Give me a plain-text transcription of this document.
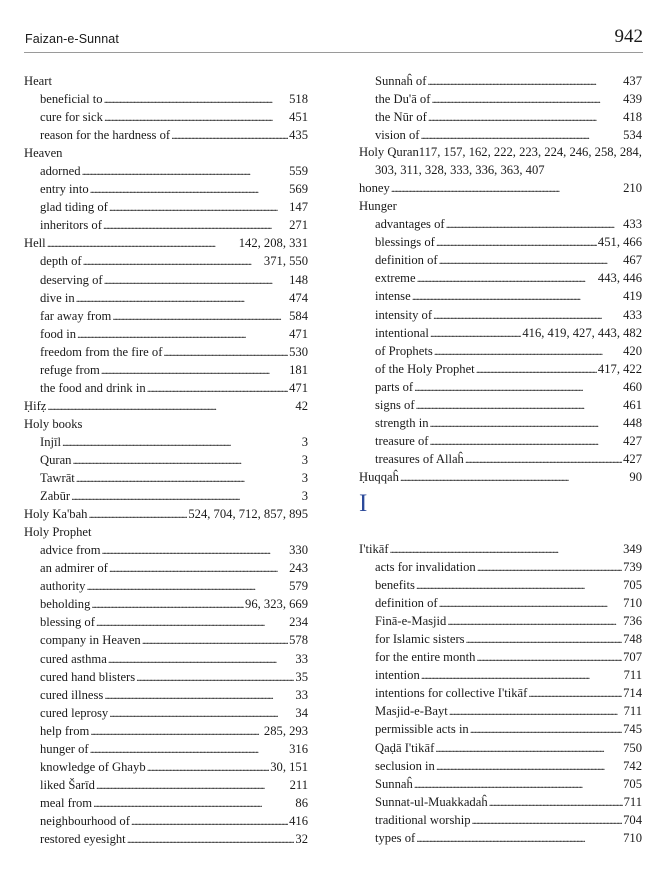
Faizan-e-Sunnat	942
Heart
beneficial to . . .	518
cure for sick . . .	451
reason for the hardness of . . .	435
Heaven
adorned . . .	559
entry into . . .	569
glad tiding of . . .	147
inheritors of . . .	271
Hell . . .	142, 208, 331
depth of . . .	371, 550
deserving of . . .	148
dive in . . .	474
far away from . . .	584
food in . . .	471
freedom from the fire of . . .	530
refuge from . . .	181
the food and drink in . . .	471
Ḥifẓ . . .	42
Holy books
Injīl . . .	3
Quran . . .	3
Tawrāt . . .	3
Zabūr . . .	3
Holy Ka'bah . . .	524, 704, 712, 857, 895
Holy Prophet
advice from . . .	330
an admirer of . . .	243
authority . . .	579
beholding . . .	96, 323, 669
blessing of . . .	234
company in Heaven . . .	578
cured asthma . . .	33
cured hand blisters . . .	35
cured illness . . .	33
cured leprosy . . .	34
help from . . .	285, 293
hunger of . . .	316
knowledge of Ghayb . . .	30, 151
liked Šarīd . . .	211
meal from . . .	86
neighbourhood of . . .	416
restored eyesight . . .	32
Sunnaĥ of . . .	437
the Du'ā of . . .	439
the Nūr of . . .	418
vision of . . .	534
Holy Quran117, 157, 162, 222, 223, 224, 246, 258, 284,
303, 311, 328, 333, 336, 363, 407
honey . . .	210
Hunger
advantages of . . .	433
blessings of . . .	451, 466
definition of . . .	467
extreme . . .	443, 446
intense . . .	419
intensity of . . .	433
intentional . . .	416, 419, 427, 443, 482
of Prophets . . .	420
of the Holy Prophet . . .	417, 422
parts of . . .	460
signs of . . .	461
strength in . . .	448
treasure of . . .	427
treasures of Allaĥ . . .	427
Ḥuqqaĥ . . .	90
I
I'tikāf . . .	349
acts for invalidation . . .	739
benefits . . .	705
definition of . . .	710
Finā-e-Masjid . . .	736
for Islamic sisters . . .	748
for the entire month . . .	707
intention . . .	711
intentions for collective I'tikāf . . .	714
Masjid-e-Bayt . . .	711
permissible acts in . . .	745
Qaḍā I'tikāf . . .	750
seclusion in . . .	742
Sunnaĥ . . .	705
Sunnat-ul-Muakkadaĥ . . .	711
traditional worship . . .	704
types of . . .	710
